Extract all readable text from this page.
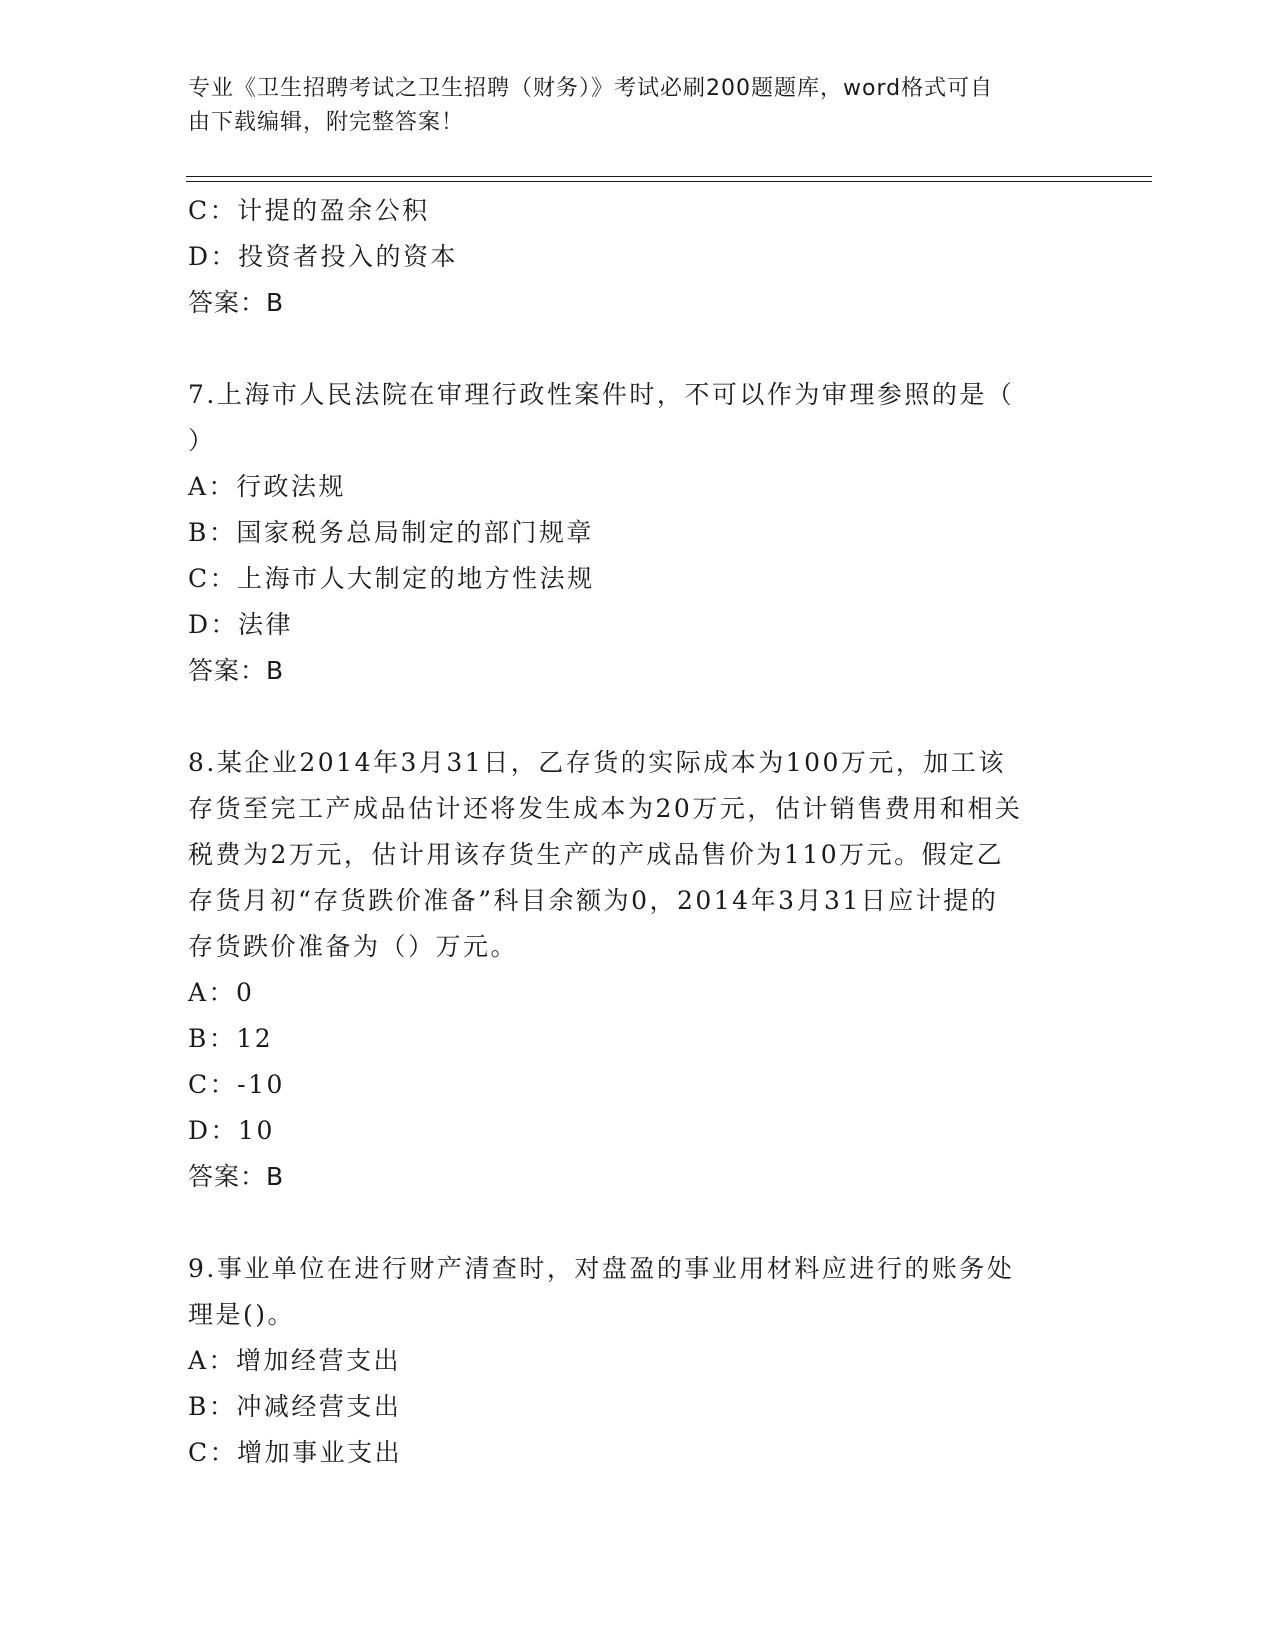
专业《卫生招聘考试之卫生招聘（财务）》考试必刷200题题库，word格式可自
由下载编辑，附完整答案！
C：计提的盈余公积
D：投资者投入的资本
答案：B
7.上海市人民法院在审理行政性案件时，不可以作为审理参照的是（
）
A：行政法规
B：国家税务总局制定的部门规章
C：上海市人大制定的地方性法规
D：法律
答案：B
8.某企业2014年3月31日，乙存货的实际成本为100万元，加工该
存货至完工产成品估计还将发生成本为20万元，估计销售费用和相关
税费为2万元，估计用该存货生产的产成品售价为110万元。假定乙
存货月初“存货跌价准备”科目余额为0，2014年3月31日应计提的
存货跌价准备为（）万元。
A：0
B：12
C：-10
D：10
答案：B
9.事业单位在进行财产清查时，对盘盈的事业用材料应进行的账务处
理是()。
A：增加经营支出
B：冲减经营支出
C：增加事业支出
